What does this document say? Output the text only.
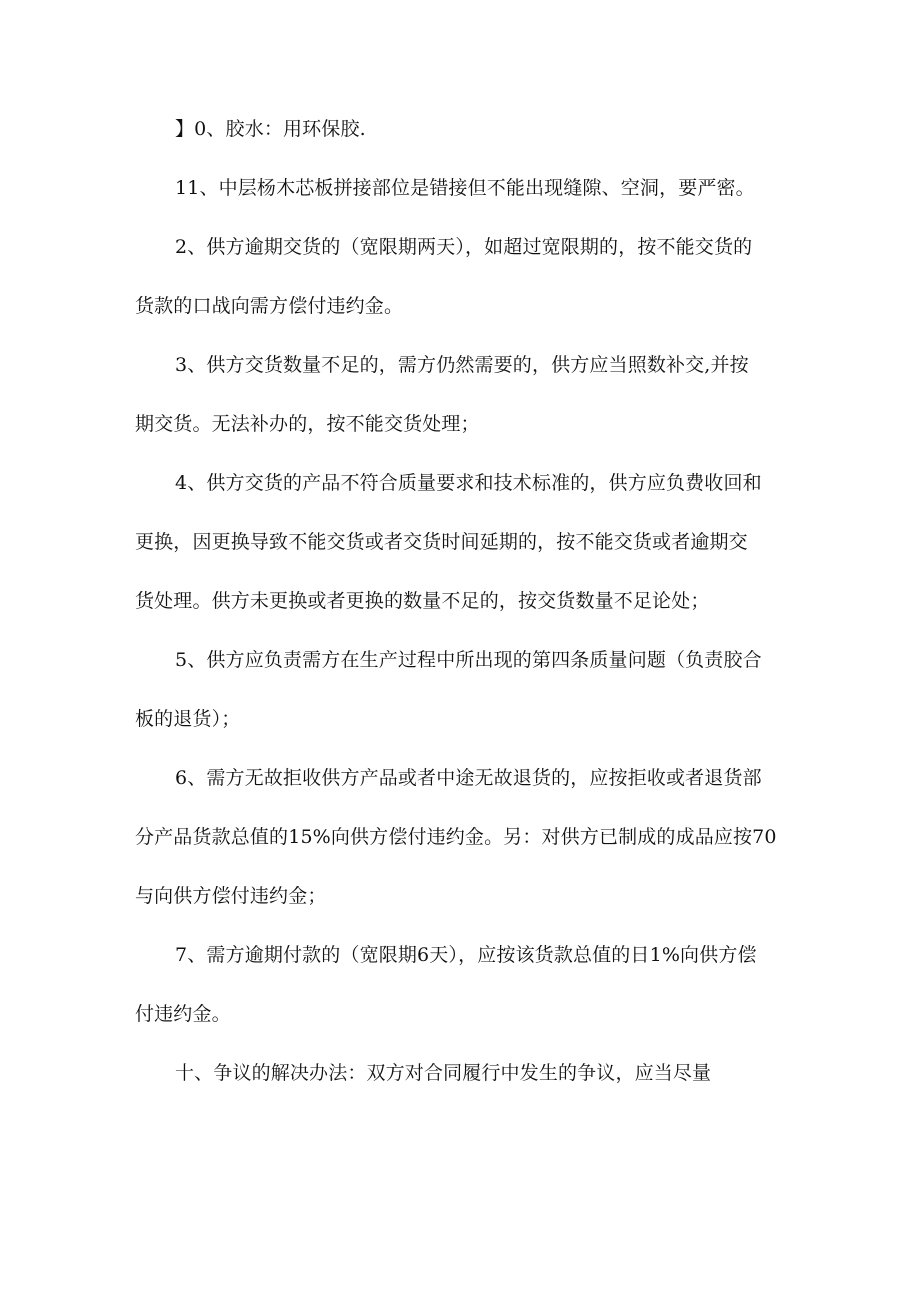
】0、胶水：用环保胶.
11、中层杨木芯板拼接部位是错接但不能出现缝隙、空洞，要严密。
2、供方逾期交货的（宽限期两天），如超过宽限期的，按不能交货的
货款的口战向需方偿付违约金。
3、供方交货数量不足的，需方仍然需要的，供方应当照数补交,并按
期交货。无法补办的，按不能交货处理；
4、供方交货的产品不符合质量要求和技术标准的，供方应负费收回和
更换，因更换导致不能交货或者交货时间延期的，按不能交货或者逾期交
货处理。供方未更换或者更换的数量不足的，按交货数量不足论处；
5、供方应负责需方在生产过程中所出现的第四条质量问题（负责胶合
板的退货）；
6、需方无故拒收供方产品或者中途无故退货的，应按拒收或者退货部
分产品货款总值的15%向供方偿付违约金。另：对供方已制成的成品应按70
与向供方偿付违约金；
7、需方逾期付款的（宽限期6天），应按该货款总值的日1%向供方偿
付违约金。
十、争议的解决办法：双方对合同履行中发生的争议，应当尽量
